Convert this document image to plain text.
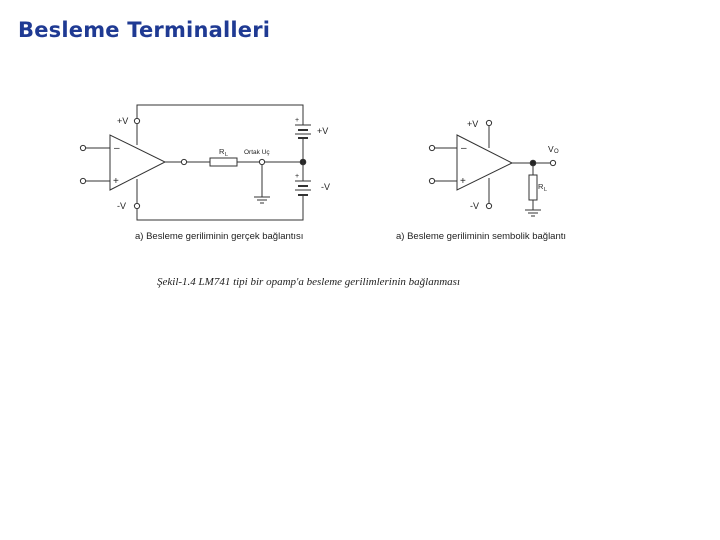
Besleme Terminalleri
+V
-V
–
+
R L Ortak Uç
+
+V
+
-V
+V
-V
–
+
V O
R L
a) Besleme geriliminin gerçek bağlantısı	a) Besleme geriliminin sembolik bağlantı
Şekil-1.4 LM741 tipi bir opamp'a besleme gerilimlerinin bağlanması
